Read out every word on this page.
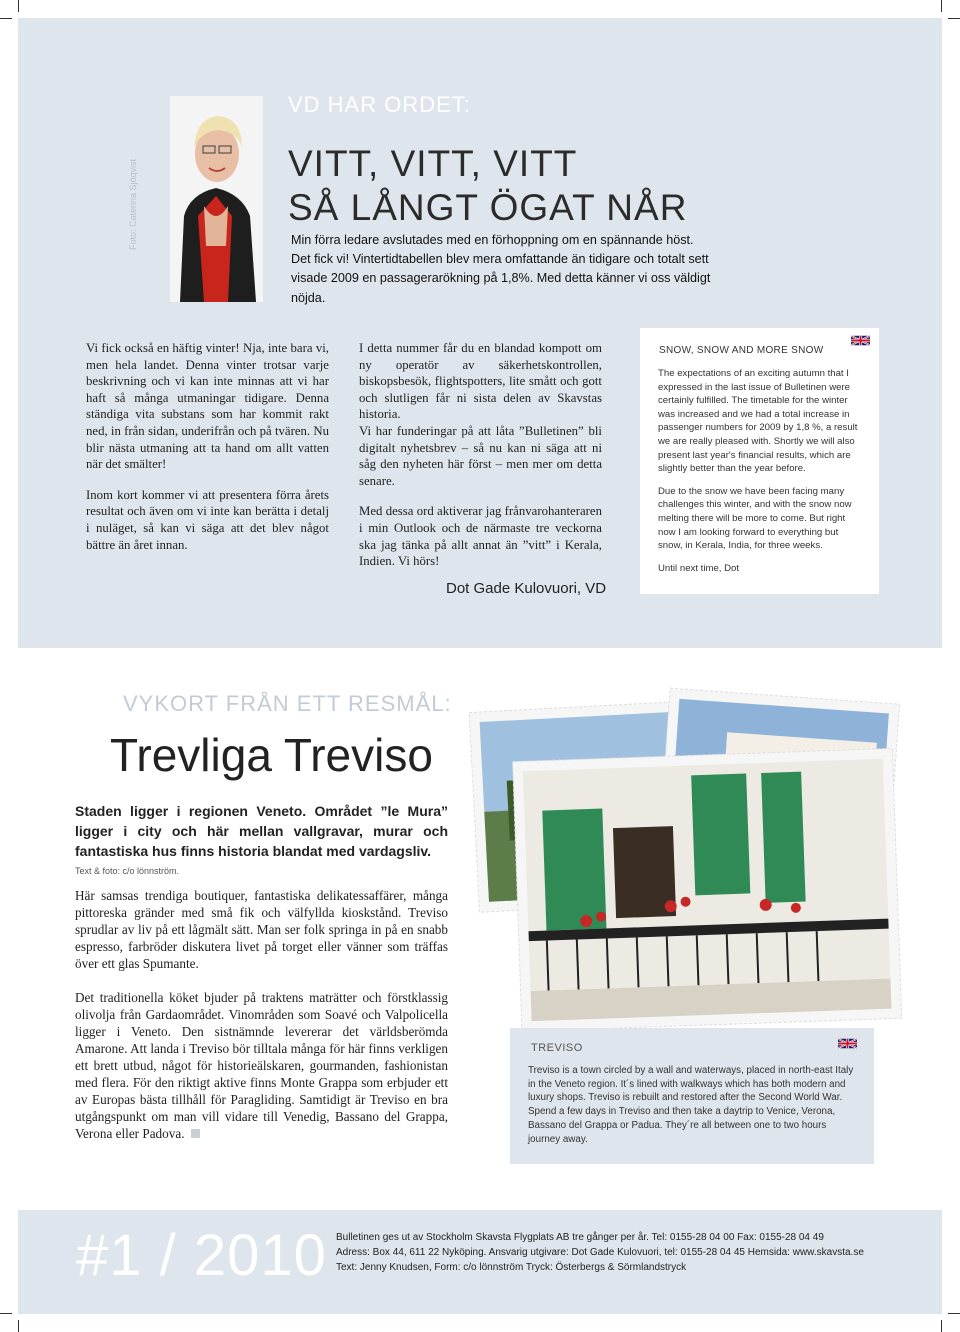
Foto: Caterina Sjöqvist
VD HAR ORDET:
VITT, VITT, VITT
SÅ LÅNGT ÖGAT NÅR
Min förra ledare avslutades med en förhoppning om en spännande höst. Det fick vi! Vintertidtabellen blev mera omfattande än tidigare och totalt sett visade 2009 en passagerarökning på 1,8%. Med detta känner vi oss väldigt nöjda.

Vi fick också en häftig vinter! Nja, inte bara vi, men hela landet. Denna vinter trotsar varje beskrivning och vi kan inte minnas att vi har haft så många utmaningar tidigare. Denna ständiga vita substans som har kommit rakt ned, in från sidan, underifrån och på tvären. Nu blir nästa utmaning att ta hand om allt vatten när det smälter!

Inom kort kommer vi att presentera förra årets resultat och även om vi inte kan berätta i detalj i nuläget, så kan vi säga att det blev något bättre än året innan.

I detta nummer får du en blandad kompott om ny operatör av säkerhetskontrollen, biskopsbesök, flightspotters, lite smått och gott och slutligen får ni sista delen av Skavstas historia.

Vi har funderingar på att låta ”Bulletinen” bli digitalt nyhetsbrev – så nu kan ni säga att ni såg den nyheten här först – men mer om detta senare.

Med dessa ord aktiverar jag frånvarohanteraren i min Outlook och de närmaste tre veckorna ska jag tänka på allt annat än ”vitt” i Kerala, Indien. Vi hörs!

Dot Gade Kulovuori, VD
SNOW, SNOW AND MORE SNOW

The expectations of an exciting autumn that I expressed in the last issue of Bulletinen were certainly fulfilled. The timetable for the winter was increased and we had a total increase in passenger numbers for 2009 by 1,8 %, a result we are really pleased with. Shortly we will also present last year's financial results, which are slightly better than the year before.

Due to the snow we have been facing many challenges this winter, and with the snow now melting there will be more to come. But right now I am looking forward to everything but snow, in Kerala, India, for three weeks.

Until next time, Dot

VYKORT FRÅN ETT RESMÅL:
Trevliga Treviso
Staden ligger i regionen Veneto. Området ”le Mura” ligger i city och här mellan vallgravar, murar och fantastiska hus finns historia blandat med vardagsliv.
Text & foto: c/o lönnström.

Här samsas trendiga boutiquer, fantastiska delikatessaffärer, många pittoreska gränder med små fik och välfyllda kioskstånd. Treviso sprudlar av liv på ett lågmält sätt. Man ser folk springa in på en snabb espresso, farbröder diskutera livet på torget eller vänner som träffas över ett glas Spumante.

Det traditionella köket bjuder på traktens maträtter och förstklassig olivolja från Gardaområdet. Vinområden som Soavé och Valpolicella ligger i Veneto. Den sistnämnde levererar det världsberömda Amarone. Att landa i Treviso bör tilltala många för här finns verkligen ett brett utbud, något för historieälskaren, gourmanden, fashionistan med flera. För den riktigt aktive finns Monte Grappa som erbjuder ett av Europas bästa tillhåll för Paragliding. Samtidigt är Treviso en bra utgångspunkt om man vill vidare till Venedig, Bassano del Grappa, Verona eller Padova.

TREVISO
Treviso is a town circled by a wall and waterways, placed in north-east Italy in the Veneto region. It´s lined with walkways which has both modern and luxury shops. Treviso is rebuilt and restored after the Second World War. Spend a few days in Treviso and then take a daytrip to Venice, Verona, Bassano del Grappa or Padua. They´re all between one to two hours journey away.
#1 / 2010 Bulletinen ges ut av Stockholm Skavsta Flygplats AB tre gånger per år. Tel: 0155-28 04 00 Fax: 0155-28 04 49
Adress: Box 44, 611 22 Nyköping. Ansvarig utgivare: Dot Gade Kulovuori, tel: 0155-28 04 45 Hemsida: www.skavsta.se
Text: Jenny Knudsen, Form: c/o lönnström Tryck: Österbergs & Sörmlandstryck
